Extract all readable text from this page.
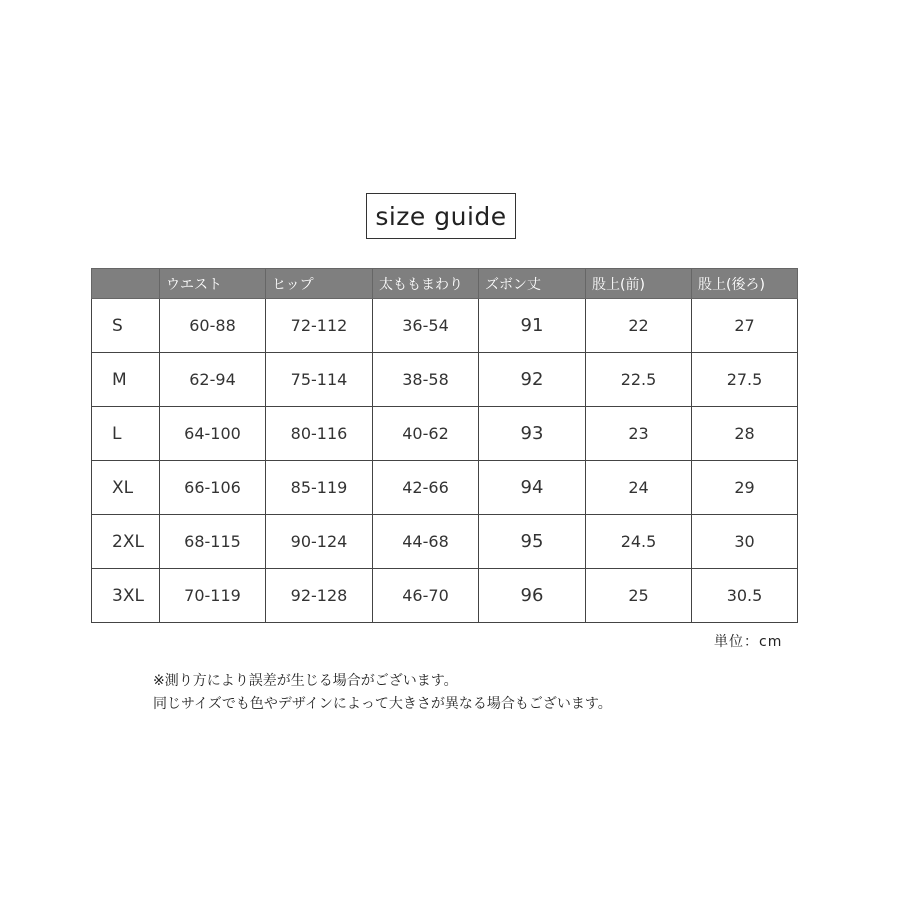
size guide
	ウエスト	ヒップ	太ももまわり	ズボン丈	股上(前)	股上(後ろ)
S	60-88	72-112	36-54	91	22	27
M	62-94	75-114	38-58	92	22.5	27.5
L	64-100	80-116	40-62	93	23	28
XL	66-106	85-119	42-66	94	24	29
2XL	68-115	90-124	44-68	95	24.5	30
3XL	70-119	92-128	46-70	96	25	30.5
単位：cm
※測り方により誤差が生じる場合がございます。
同じサイズでも色やデザインによって大きさが異なる場合もございます。
